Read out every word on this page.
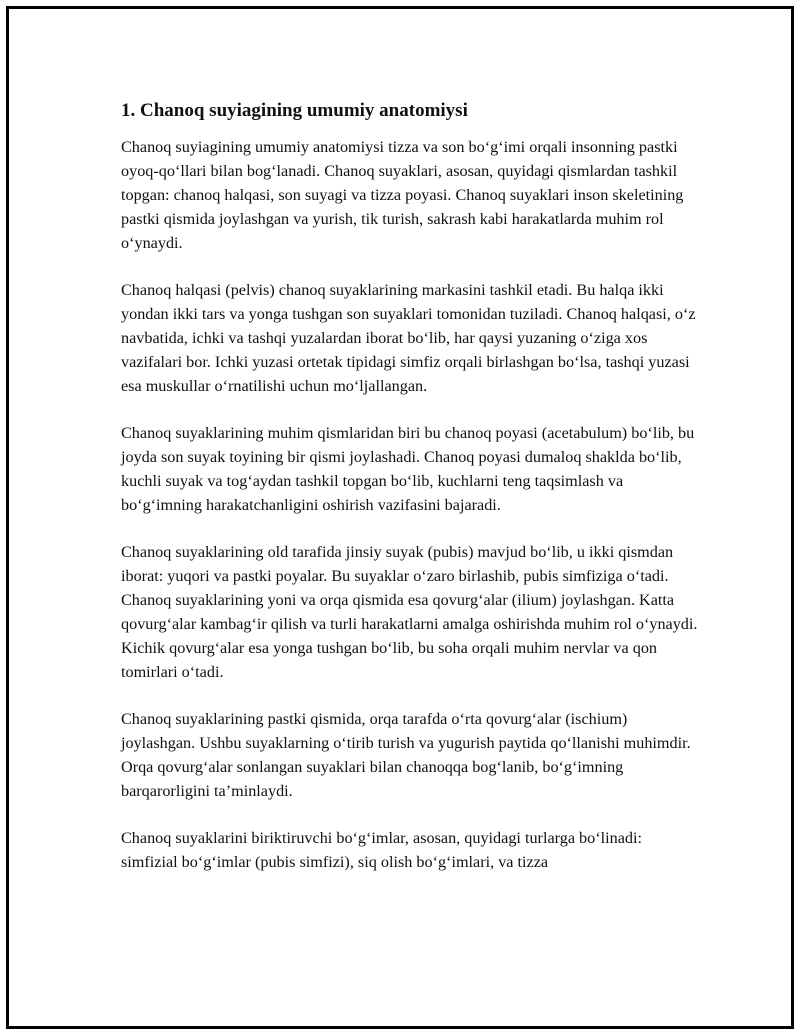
1. Chanoq suyiagining umumiy anatomiysi

Chanoq suyiagining umumiy anatomiysi tizza va son bo‘g‘imi orqali insonning pastki oyoq-qo‘llari bilan bog‘lanadi. Chanoq suyaklari, asosan, quyidagi qismlardan tashkil topgan: chanoq halqasi, son suyagi va tizza poyasi. Chanoq suyaklari inson skeletining pastki qismida joylashgan va yurish, tik turish, sakrash kabi harakatlarda muhim rol o‘ynaydi.

Chanoq halqasi (pelvis) chanoq suyaklarining markasini tashkil etadi. Bu halqa ikki yondan ikki tars va yonga tushgan son suyaklari tomonidan tuziladi. Chanoq halqasi, o‘z navbatida, ichki va tashqi yuzalardan iborat bo‘lib, har qaysi yuzaning o‘ziga xos vazifalari bor. Ichki yuzasi ortetak tipidagi simfiz orqali birlashgan bo‘lsa, tashqi yuzasi esa muskullar o‘rnatilishi uchun mo‘ljallangan.

Chanoq suyaklarining muhim qismlaridan biri bu chanoq poyasi (acetabulum) bo‘lib, bu joyda son suyak toyining bir qismi joylashadi. Chanoq poyasi dumaloq shaklda bo‘lib, kuchli suyak va tog‘aydan tashkil topgan bo‘lib, kuchlarni teng taqsimlash va bo‘g‘imning harakatchanligini oshirish vazifasini bajaradi.

Chanoq suyaklarining old tarafida jinsiy suyak (pubis) mavjud bo‘lib, u ikki qismdan iborat: yuqori va pastki poyalar. Bu suyaklar o‘zaro birlashib, pubis simfiziga o‘tadi. Chanoq suyaklarining yoni va orqa qismida esa qovurg‘alar (ilium) joylashgan. Katta qovurg‘alar kambag‘ir qilish va turli harakatlarni amalga oshirishda muhim rol o‘ynaydi. Kichik qovurg‘alar esa yonga tushgan bo‘lib, bu soha orqali muhim nervlar va qon tomirlari o‘tadi.

Chanoq suyaklarining pastki qismida, orqa tarafda o‘rta qovurg‘alar (ischium) joylashgan. Ushbu suyaklarning o‘tirib turish va yugurish paytida qo‘llanishi muhimdir. Orqa qovurg‘alar sonlangan suyaklari bilan chanoqqa bog‘lanib, bo‘g‘imning barqarorligini ta’minlaydi.

Chanoq suyaklarini biriktiruvchi bo‘g‘imlar, asosan, quyidagi turlarga bo‘linadi: simfizial bo‘g‘imlar (pubis simfizi), siq olish bo‘g‘imlari, va tizza
